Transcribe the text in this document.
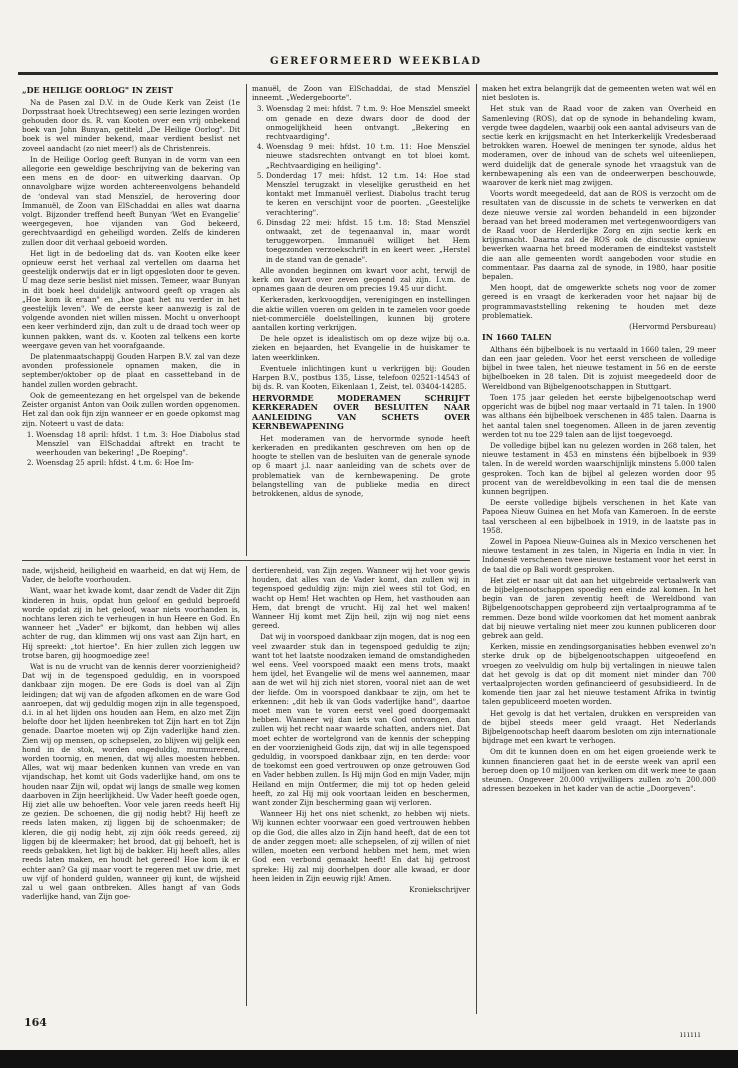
GEREFORMEERD WEEKBLAD
„DE HEILIGE OORLOG" IN ZEIST

Na de Pasen zal D.V. in de Oude Kerk van Zeist (1e Dorpsstraat hoek Utrechtseweg) een serie lezingen worden gehouden door ds. R. van Kooten over een vrij onbekend boek van John Bunyan, getiteld „De Heilige Oorlog". Dit boek is wel minder bekend, maar verdient beslist net zoveel aandacht (zo niet meer!) als de Christenreis.

In de Heilige Oorlog geeft Bunyan in de vorm van een allegorie een geweldige beschrijving van de bekering van een mens en de door- en uitwerking daarvan. Op onnavolgbare wijze worden achtereenvolgens behandeld de ‘ondeval van stad Menszïel, de herovering door Immanuël, de Zoon van ElSchaddai en alles wat daarna volgt. Bijzonder treffend heeft Bunyan ‘Wet en Evangelie’ weergegeven, hoe vijanden van God bekeerd, gerechtvaardigd en geheiligd worden. Zelfs de kinderen zullen door dit verhaal geboeid worden.

Het ligt in de bedoeling dat ds. van Kooten elke keer opnieuw eerst het verhaal zal vertellen om daarna het geestelijk onderwijs dat er in ligt opgesloten door te geven. U mag deze serie beslist niet missen. Temeer, waar Bunyan in dit boek heel duidelijk antwoord geeft op vragen als „Hoe kom ik eraan" en „hoe gaat het nu verder in het geestelijk leven". We de eerste keer aanwezig is zal de volgende avonden niet willen missen. Mocht u onverhoopt een keer verhinderd zijn, dan zult u de draad toch weer op kunnen pakken, want ds. v. Kooten zal telkens een korte weergave geven van het voorafgaande.

De platenmaatschappij Gouden Harpen B.V. zal van deze avonden professionele opnamen maken, die in september/oktober op de plaat en cassetteband in de handel zullen worden gebracht.

Ook de gemeentezang en het orgelspel van de bekende Zeister organist Anton van Ooik zullen worden opgenomen. Het zal dan ook fijn zijn wanneer er en goede opkomst mag zijn. Noteert u vast de data:

1. Woensdag 18 april: hfdst. 1 t.m. 3: Hoe Diabolus stad Menszïel van ElSchaddai aftrekt en tracht te weerhouden van bekering! „De Roeping".
2. Woensdag 25 april: hfdst. 4 t.m. 6: Hoe Im-

manuël, de Zoon van ElSchaddai, de stad Menszïel inneemt. „Wedergeboorte".

3. Woensdag 2 mei: hfdst. 7 t.m. 9: Hoe Menszïel smeekt om genade en deze dwars door de dood der onmogelijkheid heen ontvangt. „Bekering en rechtvaardiging".
4. Woensdag 9 mei: hfdst. 10 t.m. 11: Hoe Menszïel nieuwe stadsrechten ontvangt en tot bloei komt. „Rechtvaardiging en heiliging".
5. Donderdag 17 mei: hfdst. 12 t.m. 14: Hoe stad Menszïel terugzakt in vleselijke gerustheid en het kontakt met Immanuël verliest. Diabolus tracht terug te keren en verschijnt voor de poorten. „Geestelijke verachtering".
6. Dinsdag 22 mei: hfdst. 15 t.m. 18: Stad Menszïel ontwaakt, zet de tegenaanval in, maar wordt teruggeworpen. Immanuël williget het Hem toegezonden verzoekschrift in en keert weer. „Herstel in de stand van de genade".

Alle avonden beginnen om kwart voor acht, terwijl de kerk om kwart over zeven geopend zal zijn. I.v.m. de opnames gaan de deuren om precies 19.45 uur dicht.

Kerkeraden, kerkvoogdijen, verenigingen en instellingen die aktie willen voeren om gelden in te zamelen voor goede niet-commerciële doelstellingen, kunnen bij grotere aantallen korting verkrijgen.

De hele opzet is idealistisch om op deze wijze bij o.a. zieken en bejaarden, het Evangelie in de huiskamer te laten weerklinken.

Eventuele inlichtingen kunt u verkrijgen bij: Gouden Harpen B.V., postbus 135, Lisse, telefoon 02521-14543 of bij ds. R. van Kooten, Eikenlaan 1, Zeist, tel. 03404-14285.

HERVORMDE MODERAMEN SCHRIJFT KERKERADEN OVER BESLUITEN NAAR AANLEIDING VAN SCHETS OVER KERNBEWAPENING

Het moderamen van de hervormde synode heeft kerkeraden en predikanten geschreven om hen op de hoogte te stellen van de besluiten van de generale synode op 6 maart j.l. naar aanleiding van de schets over de problematiek van de kernbewapening. De grote belangstelling van de publieke media en direct betrokkenen, aldus de synode,

maken het extra belangrijk dat de gemeenten weten wat wél en niet besloten is.

Het stuk van de Raad voor de zaken van Overheid en Samenleving (ROS), dat op de synode in behandeling kwam, vergde twee dagdelen, waarbij ook een aantal adviseurs van de sectie kerk en krijgsmacht en het Interkerkelijk Vredesberaad betrokken waren. Hoewel de meningen ter synode, aldus het moderamen, over de inhoud van de schets wel uiteenliepen, werd duidelijk dat de generale synode het vraagstuk van de kernbewapening als een van de ondeerwerpen beschouwde, waarover de kerk niet mag zwijgen.

Voorts wordt meegedeeld, dat aan de ROS is verzocht om de resultaten van de discussie in de schets te verwerken en dat deze nieuwe versie zal worden behandeld in een bijzonder beraad van het breed moderamen met vertegenwoordigers van de Raad voor de Herderlijke Zorg en zijn sectie kerk en krijgsmacht. Daarna zal de ROS ook de discussie opnieuw bewerken waarna het breed moderamen de eindtekst vaststelt die aan alle gemeenten wordt aangeboden voor studie en commentaar. Pas daarna zal de synode, in 1980, haar positie bepalen.

Men hoopt, dat de omgewerkte schets nog voor de zomer gereed is en vraagt de kerkeraden voor het najaar bij de programmavaststelling rekening te houden met deze problematiek.

(Hervormd Persbureau)

IN 1660 TALEN

Althans één bijbelboek is nu vertaald in 1660 talen, 29 meer dan een jaar geleden. Voor het eerst verscheen de volledige bijbel in twee talen, het nieuwe testament in 56 en de eerste bijbelboeken in 28 talen. Dit is zojuist meegedeeld door de Wereldbond van Bijbelgenootschappen in Stuttgart.

Toen 175 jaar geleden het eerste bijbelgenootschap werd opgericht was de bijbel nog maar vertaald in 71 talen. In 1900 was althans één bijbelboek verschenen in 485 talen. Daarna is het aantal talen snel toegenomen. Alleen in de jaren zeventig werden tot nu toe 229 talen aan de lijst toegevoegd.

De volledige bijbel kan nu gelezen worden in 268 talen, het nieuwe testament in 453 en minstens één bijbelboek in 939 talen. In de wereld worden waarschijnlijk minstens 5.000 talen gesproken. Toch kan de bijbel al gelezen worden door 95 procent van de wereldbevolking in een taal die de mensen kunnen begrijpen.

De eerste volledige bijbels verschenen in het Kate van Papoea Nieuw Guinea en het Mofa van Kameroen. In de eerste taal verscheen al een bijbelboek in 1919, in de laatste pas in 1958.

Zowel in Papoea Nieuw-Guinea als in Mexico verschenen het nieuwe testament in zes talen, in Nigeria en India in vier. In Indonesië verschenen twee nieuwe testament voor het eerst in de taal die op Bali wordt gesproken.

Het ziet er naar uit dat aan het uitgebreide vertaalwerk van de bijbelgenootschappen spoedig een einde zal komen. In het begin van de jaren zeventig heeft de Wereldbond van Bijbelgenootschappen geprobeerd zijn vertaalprogramma af te remmen. Deze bond wilde voorkomen dat het moment aanbrak dat bij nieuwe vertaling niet meer zou kunnen publiceren door gebrek aan geld.

Kerken, missie en zendingsorganisaties hebben evenwel zo'n sterke druk op de bijbelgenootschappen uitgeoefend en vroegen zo veelvuldig om hulp bij vertalingen in nieuwe talen dat het gevolg is dat op dit moment niet minder dan 700 vertaalprojecten worden gefinancieerd of gesubsidieerd. In de komende tien jaar zal het nieuwe testament Afrika in twintig talen gepubliceerd moeten worden.

Het gevolg is dat het vertalen, drukken en verspreiden van de bijbel steeds meer geld vraagt. Het Nederlands Bijbelgenootschap heeft daarom besloten om zijn internationale bijdrage met een kwart te verhogen.

Om dit te kunnen doen en om het eigen groeiende werk te kunnen financieren gaat het in de eerste week van april een beroep doen op 10 miljoen van kerken om dit werk mee te gaan steunen. Ongeveer 20.000 vrijwilligers zullen zo'n 200.000 adressen bezoeken in het kader van de actie „Doorgeven".

nade, wijsheid, heiligheid en waarheid, en dat wij Hem, de Vader, de belofte voorhouden.

Want, waar het kwade komt, daar zendt de Vader dit Zijn kinderen in huis, opdat hun geloof en geduld beproefd worde opdat zij in het geloof, waar niets voorhanden is, nochtans leren zich te verheugen in hun Heere en God. En wanneer het „Vader" er bijkomt, dan hebben wij alles achter de rug, dan klimmen wij ons vast aan Zijn hart, en Hij spreekt: „tot hiertoe". En hier zullen zich leggen uw trotse baren, gij hoogmoedige zee!

Wat is nu de vrucht van de kennis derer voorzienigheid? Dat wij in de tegenspoed geduldig, en in voorspoed dankbaar zijn mogen. De ere Gods is doel van al Zijn leidingen; dat wij van de afgoden afkomen en de ware God aanroepen, dat wij geduldig mogen zijn in alle tegenspoed, d.i. in al het lijden ons houden aan Hem, en alzo met Zijn belofte door het lijden heenbreken tot Zijn hart en tot Zijn genade. Daartoe moeten wij op Zijn vaderlijke hand zien. Zien wij op mensen, op schepselen, zo blijven wij gelijk een hond in de stok, worden ongeduldig, murmurerend, worden toornig, en menen, dat wij alles moesten hebben. Alles, wat wij maar bedenken kunnen van vrede en van vijandschap, het komt uit Gods vaderlijke hand, om ons te houden naar Zijn wil, opdat wij langs de smalle weg komen daarboven in Zijn heerlijkheid. Uw Vader heeft goede ogen, Hij ziet alle uw behoeften. Voor vele jaren reeds heeft Hij ze gezien. De schoenen, die gij nodig hebt? Hij heeft ze reeds laten maken, zij liggen bij de schoenmaker; de kleren, die gij nodig hebt, zij zijn óók reeds gereed, zij liggen bij de kleermaker; het brood, dat gij behoeft, het is reeds gebakken, het ligt bij de bakker. Hij heeft alles, alles reeds laten maken, en houdt het gereed! Hoe kom ik er echter aan? Ga gij maar voort te regeren met uw drie, met uw vijf of honderd gulden, wanneer gij kunt, de wijsheid zal u wel gaan ontbreken. Alles hangt af van Gods vaderlijke hand, van Zijn goe-

dertierenheid, van Zijn zegen. Wanneer wij het voor gewis houden, dat alles van de Vader komt, dan zullen wij in tegenspoed geduldig zijn: mijn ziel wees stil tot God, en wacht op Hem! Het wachten op Hem, het vasthouden aan Hem, dat brengt de vrucht. Hij zal het wel maken! Wanneer Hij komt met Zijn heil, zijn wij nog niet eens gereed.

Dat wij in voorspoed dankbaar zijn mogen, dat is nog een veel zwaarder stuk dan in tegenspoed geduldig te zijn; want tot het laatste noodzaken iemand de omstandigheden wel eens. Veel voorspoed maakt een mens trots, maakt hem ijdel, het Evangelie wil de mens wel aannemen, maar aan de wet wil hij zich niet storen, vooral niet aan de wet der liefde. Om in voorspoed dankbaar te zijn, om het te erkennen: „dit heb ik van Gods vaderlijke hand", daartoe moet men van te voren eerst veel goed doorgemaakt hebben. Wanneer wij dan iets van God ontvangen, dan zullen wij het recht naar waarde schatten, anders niet. Dat moet echter de wortelgrond van de kennis der schepping en der voorzienigheid Gods zijn, dat wij in alle tegenspoed geduldig, in voorspoed dankbaar zijn, en ten derde: voor de toekomst een goed vertrouwen op onze getrouwen God en Vader hebben zullen. Is Hij mijn God en mijn Vader, mijn Heiland en mijn Ontfermer, die mij tot op heden geleid heeft, zo zal Hij mij ook voortaan leiden en beschermen, want zonder Zijn bescherming gaan wij verloren.

Wanneer Hij het ons niet schenkt, zo hebben wij niets. Wij kunnen echter voorwaar een goed vertrouwen hebben op die God, die alles alzo in Zijn hand heeft, dat de een tot de ander zeggen moet: alle schepselen, of zij willen of niet willen, moeten een verbond hebben met hem, met wien God een verbond gemaakt heeft! En dat hij getroost spreke: Hij zal mij doorhelpen door alle kwaad, er door heen leiden in Zijn eeuwig rijk! Amen.

Kroniekschrijver

164
ıııııı
